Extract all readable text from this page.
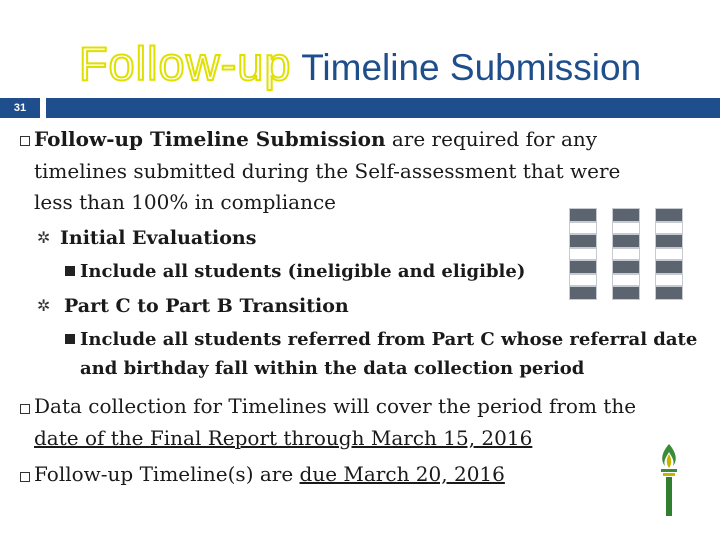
Follow-up Timeline Submission
31
Follow-up Timeline Submission are required for any
timelines submitted during the Self-assessment that were
less than 100% in compliance
✲ Initial Evaluations
Include all students (ineligible and eligible)
✲ Part C to Part B Transition
Include all students referred from Part C whose referral date
and birthday fall within the data collection period
Data collection for Timelines will cover the period from the
date of the Final Report through March 15, 2016
Follow-up Timeline(s) are due March 20, 2016
